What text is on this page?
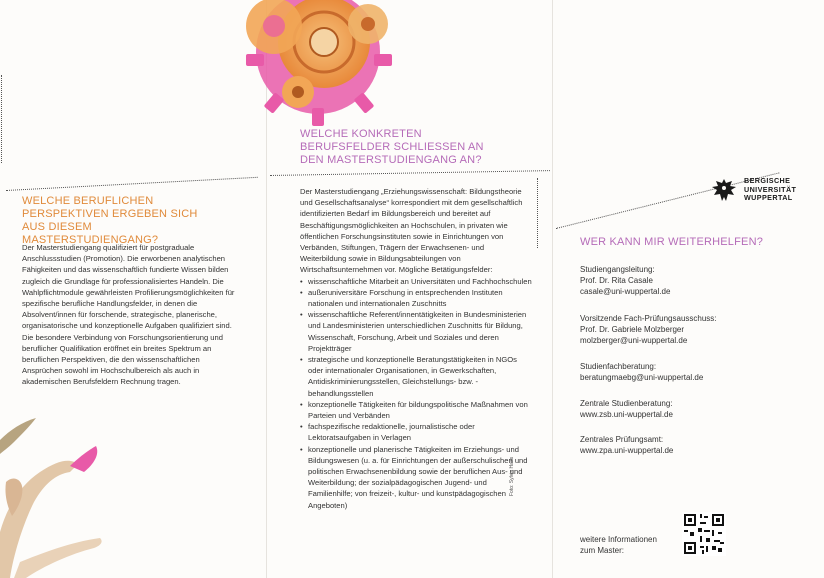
WELCHE BERUFLICHEN PERSPEKTIVEN ERGEBEN SICH AUS DIESEM MASTERSTUDIENGANG?
Der Masterstudiengang qualifiziert für postgraduale Anschlussstudien (Promotion). Die erworbenen analytischen Fähigkeiten und das wissenschaftlich fundierte Wissen bilden zugleich die Grundlage für professionalisiertes Handeln. Die Wahlpflichtmodule gewährleisten Profilierungsmöglichkeiten für spezifische berufliche Handlungsfelder, in denen die Absolvent/innen für forschende, strategische, planerische, organisatorische und konzeptionelle Aufgaben qualifiziert sind. Die besondere Verbindung von Forschungsorientierung und beruflicher Qualifikation eröffnet ein breites Spektrum an beruflichen Perspektiven, die den wissenschaftlichen Ansprüchen sowohl im Hochschulbereich als auch in akademischen Berufsfeldern Rechnung tragen.
WELCHE KONKRETEN BERUFSFELDER SCHLIESSEN AN DEN MASTERSTUDIENGANG AN?
Der Masterstudiengang „Erziehungswissenschaft: Bildungstheorie und Gesellschaftsanalyse“ korrespondiert mit dem gesellschaftlich identifizierten Bedarf im Bildungsbereich und bereitet auf Beschäftigungsmöglichkeiten an Hochschulen, in privaten wie öffentlichen Forschungsinstituten sowie in Einrichtungen von Verbänden, Stiftungen, Trägern der Erwachsenen- und Weiterbildung sowie in Bildungsabteilungen von Wirtschaftsunternehmen vor. Mögliche Betätigungsfelder:
• wissenschaftliche Mitarbeit an Universitäten und Fachhochschulen
• außeruniversitäre Forschung in entsprechenden Instituten nationalen und internationalen Zuschnitts
• wissenschaftliche Referent/innentätigkeiten in Bundesministerien und Landesministerien unterschiedlichen Zuschnitts für Bildung, Wissenschaft, Forschung, Arbeit und Soziales und deren Projektträger
• strategische und konzeptionelle Beratungstätigkeiten in NGOs oder internationaler Organisationen, in Gewerkschaften, Antidiskriminierungsstellen, Gleichstellungs- bzw. -behandlungsstellen
• konzeptionelle Tätigkeiten für bildungspolitische Maßnahmen von Parteien und Verbänden
• fachspezifische redaktionelle, journalistische oder Lektoratsaufgaben in Verlagen
• konzeptionelle und planerische Tätigkeiten im Erziehungs- und Bildungswesen (u. a. für Einrichtungen der außerschulischen und politischen Erwachsenenbildung sowie der beruflichen Aus- und Weiterbildung; der sozialpädagogischen Jugend- und Familienhilfe; von freizeit-, kultur- und kunstpädagogischen Angeboten)
Foto: Sylvia Haas
BERGISCHE
UNIVERSITÄT
WUPPERTAL
WER KANN MIR WEITERHELFEN?
Studiengangsleitung:
Prof. Dr. Rita Casale
casale@uni-wuppertal.de
Vorsitzende Fach-Prüfungsausschuss:
Prof. Dr. Gabriele Molzberger
molzberger@uni-wuppertal.de
Studienfachberatung:
beratungmaebg@uni-wuppertal.de
Zentrale Studienberatung:
www.zsb.uni-wuppertal.de
Zentrales Prüfungsamt:
www.zpa.uni-wuppertal.de
weitere Informationen
zum Master:
